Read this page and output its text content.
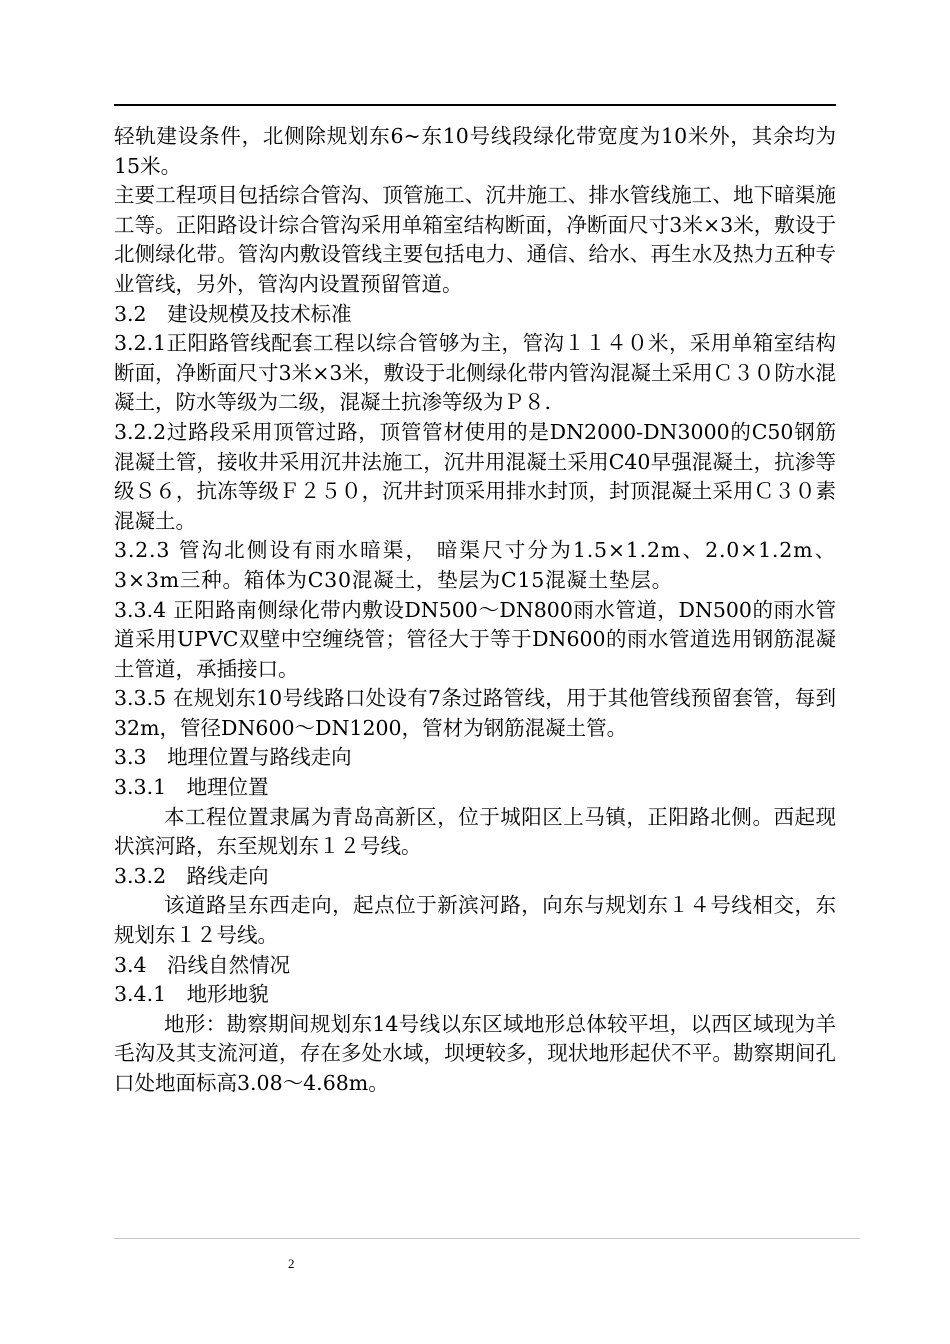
轻轨建设条件，北侧除规划东6~东10号线段绿化带宽度为10米外，其余均为15米。

主要工程项目包括综合管沟、顶管施工、沉井施工、排水管线施工、地下暗渠施工等。正阳路设计综合管沟采用单箱室结构断面，净断面尺寸3米×3米，敷设于北侧绿化带。管沟内敷设管线主要包括电力、通信、给水、再生水及热力五种专业管线，另外，管沟内设置预留管道。

3.2　建设规模及技术标准

3.2.1正阳路管线配套工程以综合管够为主，管沟１１４０米，采用单箱室结构断面，净断面尺寸3米×3米，敷设于北侧绿化带内管沟混凝土采用Ｃ３０防水混凝土，防水等级为二级，混凝土抗渗等级为Ｐ８.

3.2.2过路段采用顶管过路，顶管管材使用的是DN2000-DN3000的C50钢筋混凝土管，接收井采用沉井法施工，沉井用混凝土采用C40早强混凝土，抗渗等级Ｓ６，抗冻等级Ｆ２５０，沉井封顶采用排水封顶，封顶混凝土采用Ｃ３０素混凝土。

3.2.3 管沟北侧设有雨水暗渠， 暗渠尺寸分为1.5×1.2m、2.0×1.2m、3×3m三种。箱体为C30混凝土，垫层为C15混凝土垫层。

3.3.4 正阳路南侧绿化带内敷设DN500～DN800雨水管道，DN500的雨水管道采用UPVC双壁中空缠绕管；管径大于等于DN600的雨水管道选用钢筋混凝土管道，承插接口。

3.3.5 在规划东10号线路口处设有7条过路管线，用于其他管线预留套管，每到32m，管径DN600～DN1200，管材为钢筋混凝土管。

3.3　地理位置与路线走向

3.3.1　地理位置

本工程位置隶属为青岛高新区，位于城阳区上马镇，正阳路北侧。西起现状滨河路，东至规划东１２号线。

3.3.2　路线走向

该道路呈东西走向，起点位于新滨河路，向东与规划东１４号线相交，东规划东１２号线。

3.4　沿线自然情况

3.4.1　地形地貌

地形：勘察期间规划东14号线以东区域地形总体较平坦，以西区域现为羊毛沟及其支流河道，存在多处水域，坝埂较多，现状地形起伏不平。勘察期间孔口处地面标高3.08～4.68m。

2
